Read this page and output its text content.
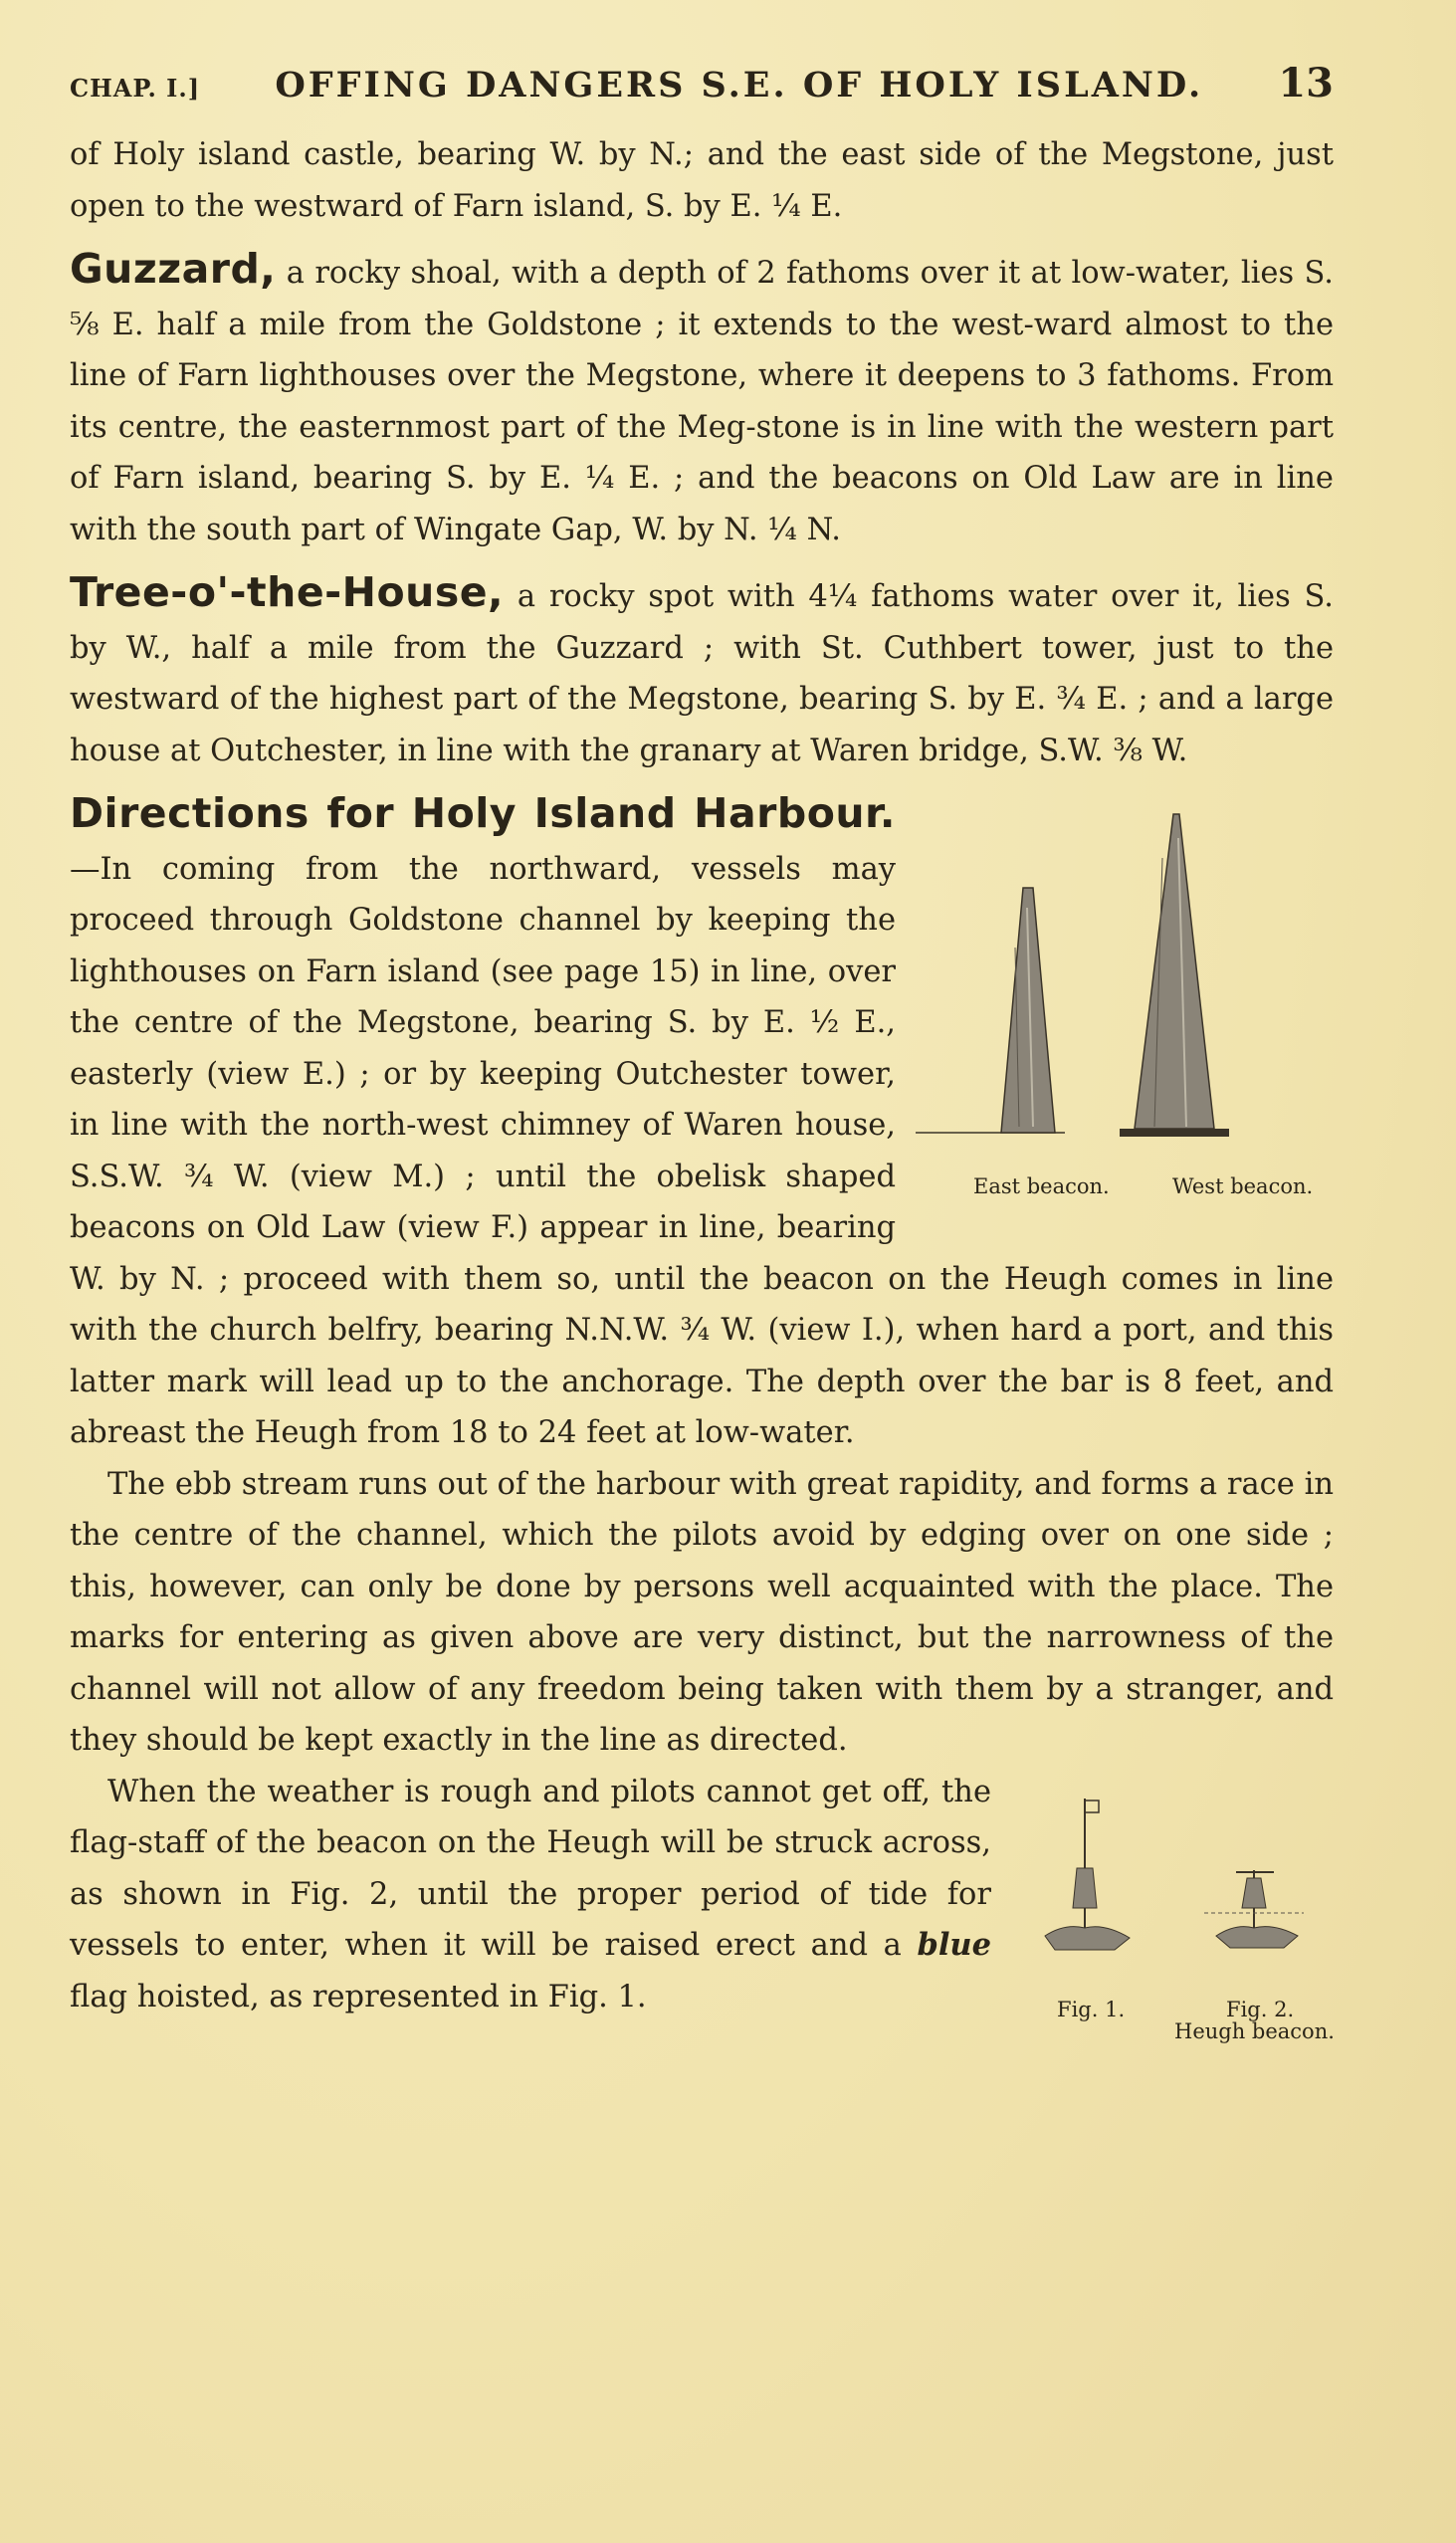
CHAP. I.] OFFING DANGERS S.E. OF HOLY ISLAND. 13

of Holy island castle, bearing W. by N.; and the east side of the Megstone, just open to the westward of Farn island, S. by E. ¼ E.

Guzzard, a rocky shoal, with a depth of 2 fathoms over it at low-water, lies S. ⅝ E. half a mile from the Goldstone ; it extends to the west-ward almost to the line of Farn lighthouses over the Megstone, where it deepens to 3 fathoms. From its centre, the easternmost part of the Meg-stone is in line with the western part of Farn island, bearing S. by E. ¼ E. ; and the beacons on Old Law are in line with the south part of Wingate Gap, W. by N. ¼ N.

Tree-o'-the-House, a rocky spot with 4¼ fathoms water over it, lies S. by W., half a mile from the Guzzard ; with St. Cuthbert tower, just to the westward of the highest part of the Megstone, bearing S. by E. ¾ E. ; and a large house at Outchester, in line with the granary at Waren bridge, S.W. ⅜ W.

Directions for Holy Island Harbour.
East beacon.	West beacon.
—In coming from the northward, vessels may proceed through Goldstone channel by keeping the lighthouses on Farn island (see page 15) in line, over the centre of the Megstone, bearing S. by E. ½ E., easterly (view E.) ; or by keeping Outchester tower, in line with the north-west chimney of Waren house, S.S.W. ¾ W. (view M.) ; until the obelisk shaped beacons on Old Law (view F.) appear in line, bearing W. by N. ; proceed with them so, until the beacon on the Heugh comes in line with the church belfry, bearing N.N.W. ¾ W. (view I.), when hard a port, and this latter mark will lead up to the anchorage. The depth over the bar is 8 feet, and abreast the Heugh from 18 to 24 feet at low-water.

The ebb stream runs out of the harbour with great rapidity, and forms a race in the centre of the channel, which the pilots avoid by edging over on one side ; this, however, can only be done by persons well acquainted with the place. The marks for entering as given above are very distinct, but the narrowness of the channel will not allow of any freedom being taken with them by a stranger, and they should be kept exactly in the line as directed.

Fig. 1.	Fig. 2.
Heugh beacon.

When the weather is rough and pilots cannot get off, the flag-staff of the beacon on the Heugh will be struck across, as shown in Fig. 2, until the proper period of tide for vessels to enter, when it will be raised erect and a blue flag hoisted, as represented in Fig. 1.
